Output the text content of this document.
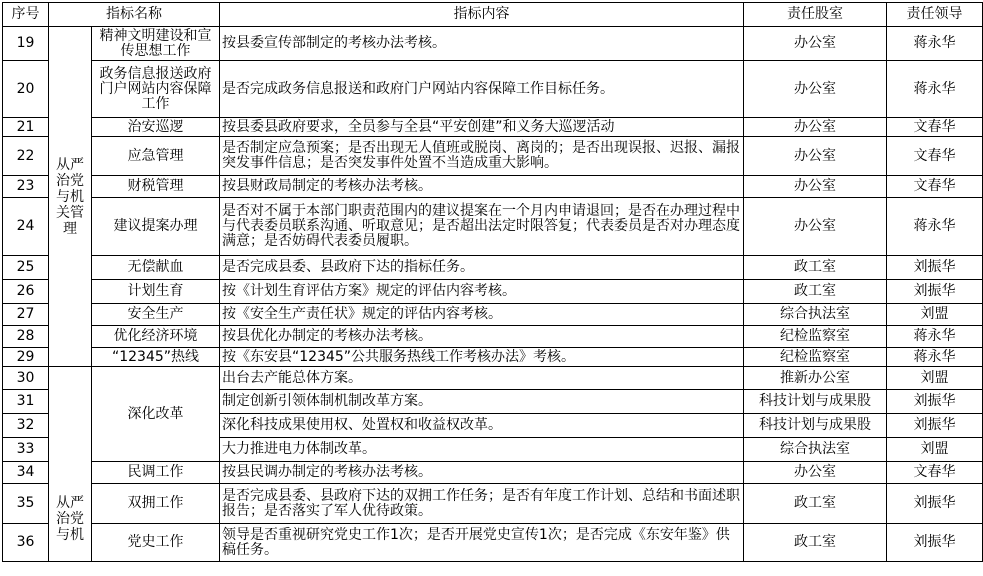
序号	指标名称		指标内容	责任股室	责任领导
19	从严治党与机关管理	精神文明建设和宣传思想工作	按县委宣传部制定的考核办法考核。	办公室	蒋永华
20		政务信息报送政府门户网站内容保障工作	是否完成政务信息报送和政府门户网站内容保障工作目标任务。	办公室	蒋永华
21		治安巡逻	按县委县政府要求，全员参与全县“平安创建”和义务大巡逻活动	办公室	文春华
22		应急管理	是否制定应急预案；是否出现无人值班或脱岗、离岗的；是否出现误报、迟报、漏报突发事件信息；是否突发事件处置不当造成重大影响。	办公室	文春华
23		财税管理	按县财政局制定的考核办法考核。	办公室	文春华
24		建议提案办理	是否对不属于本部门职责范围内的建议提案在一个月内申请退回；是否在办理过程中与代表委员联系沟通、听取意见；是否超出法定时限答复；代表委员是否对办理态度满意；是否妨碍代表委员履职。	办公室	蒋永华
25		无偿献血	是否完成县委、县政府下达的指标任务。	政工室	刘振华
26		计划生育	按《计划生育评估方案》规定的评估内容考核。	政工室	刘振华
27		安全生产	按《安全生产责任状》规定的评估内容考核。	综合执法室	刘盟
28		优化经济环境	按县优化办制定的考核办法考核。	纪检监察室	蒋永华
29		“12345”热线	按《东安县“12345”公共服务热线工作考核办法》考核。	纪检监察室	蒋永华
30	从严治党与机	深化改革	出台去产能总体方案。	推新办公室	刘盟
31			制定创新引领体制机制改革方案。	科技计划与成果股	刘振华
32			深化科技成果使用权、处置权和收益权改革。	科技计划与成果股	刘振华
33			大力推进电力体制改革。	综合执法室	刘盟
34		民调工作	按县民调办制定的考核办法考核。	办公室	文春华
35		双拥工作	是否完成县委、县政府下达的双拥工作任务；是否有年度工作计划、总结和书面述职报告；是否落实了军人优待政策。	政工室	刘振华
36		党史工作	领导是否重视研究党史工作1次；是否开展党史宣传1次；是否完成《东安年鉴》供稿任务。	政工室	刘振华
